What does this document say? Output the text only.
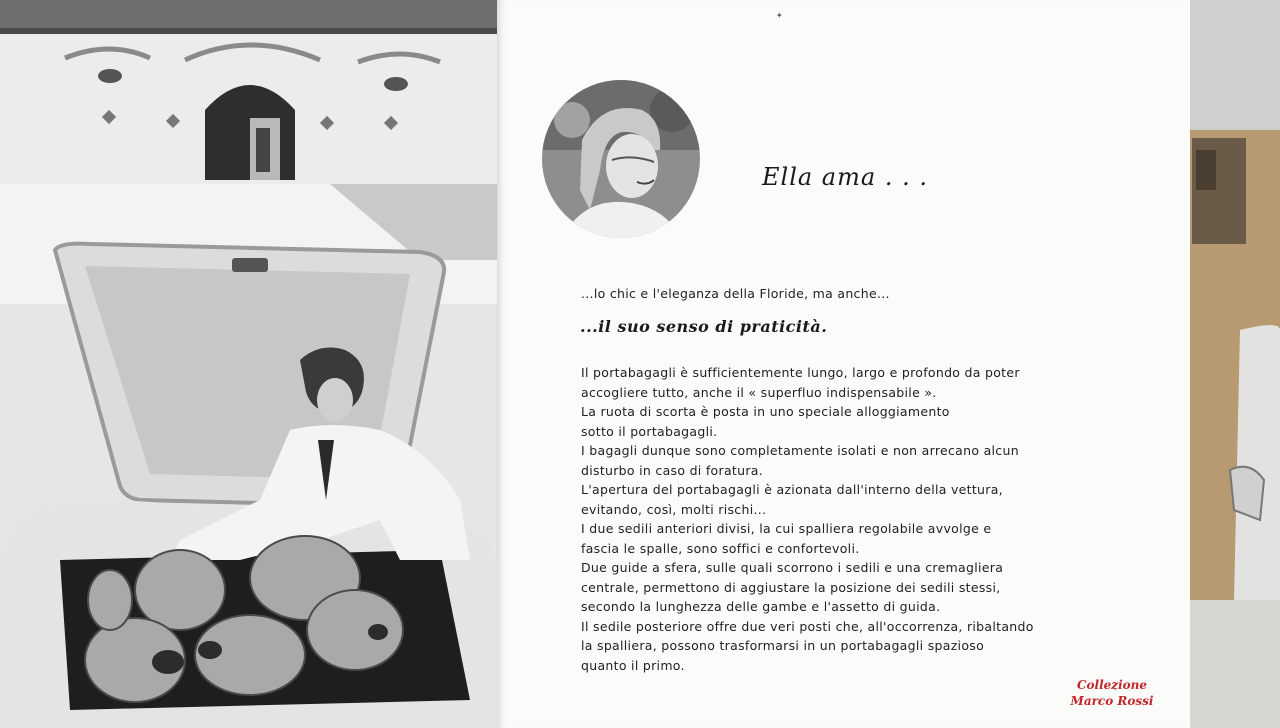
✦
Ella ama . . .

...lo chic e l'eleganza della Floride, ma anche...

...il suo senso di praticità.
Il portabagagli è sufficientemente lungo, largo e profondo da poter
accogliere tutto, anche il « superfluo indispensabile ».
La ruota di scorta è posta in uno speciale alloggiamento
sotto il portabagagli.
I bagagli dunque sono completamente isolati e non arrecano alcun
disturbo in caso di foratura.
L'apertura del portabagagli è azionata dall'interno della vettura,
evitando, così, molti rischi...
I due sedili anteriori divisi, la cui spalliera regolabile avvolge e
fascia le spalle, sono soffici e confortevoli.
Due guide a sfera, sulle quali scorrono i sedili e una cremagliera
centrale, permettono di aggiustare la posizione dei sedili stessi,
secondo la lunghezza delle gambe e l'assetto di guida.
Il sedile posteriore offre due veri posti che, all'occorrenza, ribaltando
la spalliera, possono trasformarsi in un portabagagli spazioso
quanto il primo.
Collezione
Marco Rossi
